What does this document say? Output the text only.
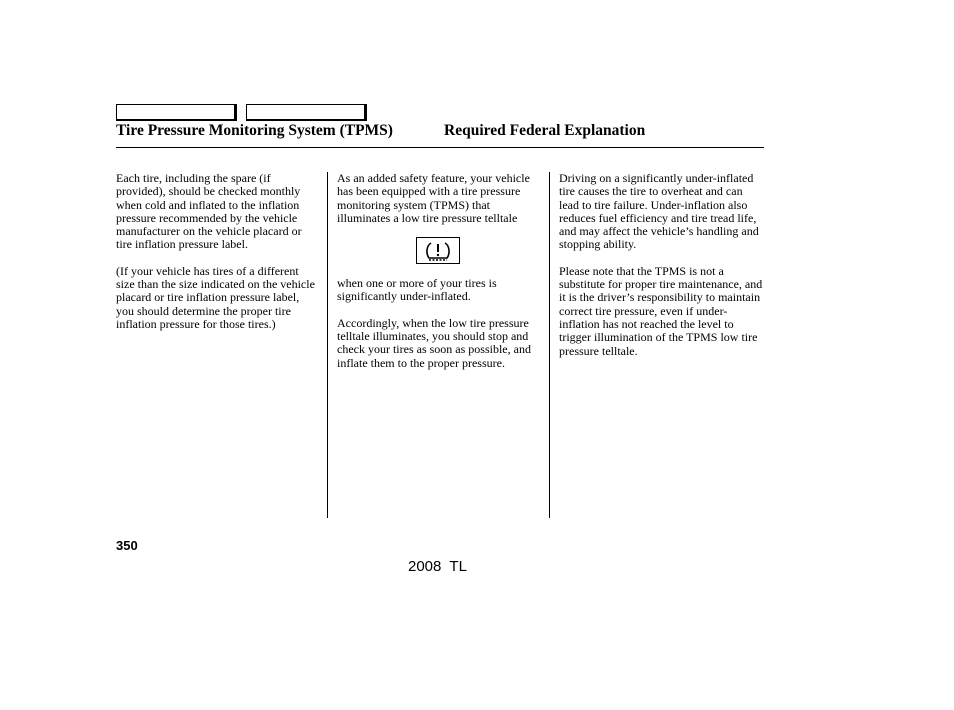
Tire Pressure Monitoring System (TPMS)	Required Federal Explanation

Each tire, including the spare (if provided), should be checked monthly when cold and inflated to the inflation pressure recommended by the vehicle manufacturer on the vehicle placard or tire inflation pressure label.

(If your vehicle has tires of a different size than the size indicated on the vehicle placard or tire inflation pressure label, you should determine the proper tire inflation pressure for those tires.)

As an added safety feature, your vehicle has been equipped with a tire pressure monitoring system (TPMS) that illuminates a low tire pressure telltale

when one or more of your tires is significantly under-inflated.

Accordingly, when the low tire pressure telltale illuminates, you should stop and check your tires as soon as possible, and inflate them to the proper pressure.

Driving on a significantly under-inflated tire causes the tire to overheat and can lead to tire failure. Under-inflation also reduces fuel efficiency and tire tread life, and may affect the vehicle’s handling and stopping ability.

Please note that the TPMS is not a substitute for proper tire maintenance, and it is the driver’s responsibility to maintain correct tire pressure, even if under-inflation has not reached the level to trigger illumination of the TPMS low tire pressure telltale.

350
2008  TL
